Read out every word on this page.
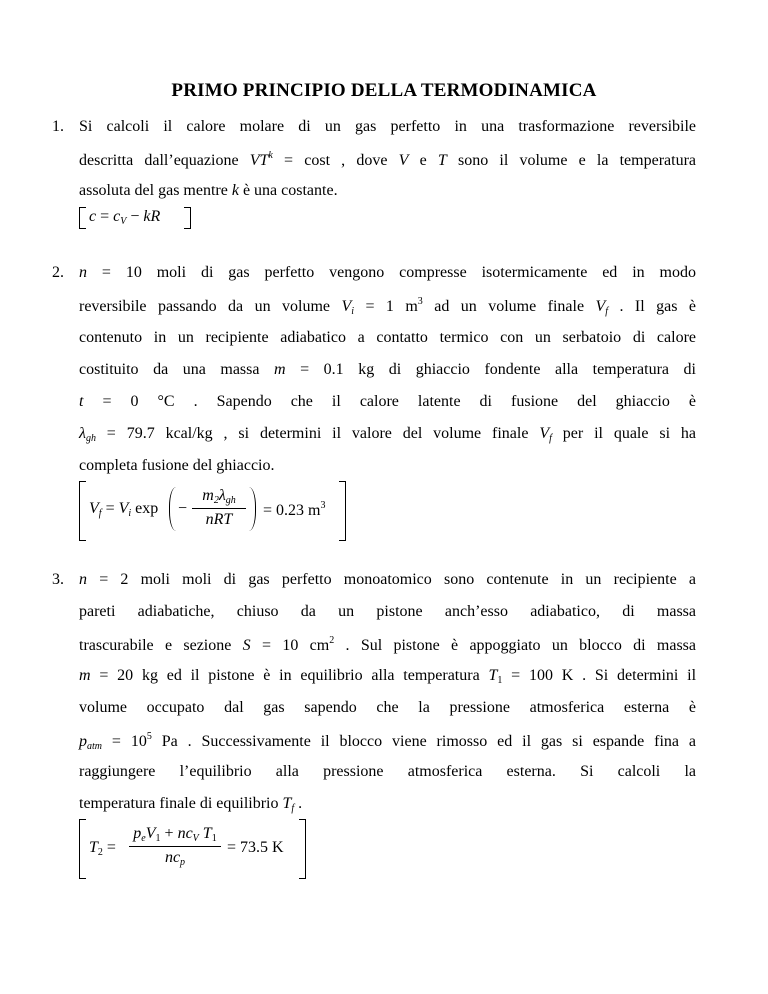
PRIMO PRINCIPIO DELLA TERMODINAMICA
1. Si calcoli il calore molare di un gas perfetto in una trasformazione reversibile
descritta dall’equazione $VT^k = \cos t$ , dove V e T sono il volume e la temperatura
assoluta del gas mentre k è una costante.
$c = c_V$ − kR
2. n = 10 moli di gas perfetto vengono compresse isotermicamente ed in modo
reversibile passando da un volume $V_i = 1$ $m^3$ ad un volume finale $V_f$ . Il gas è
contenuto in un recipiente adiabatico a contatto termico con un serbatoio di calore
costituito da una massa m = 0.1 kg di ghiaccio fondente alla temperatura di
t = 0 °C . Sapendo che il calore latente di fusione del ghiaccio è
$\lambda_{gh} = 79.7$ kcal/kg , si determini il valore del volume finale $V_f$ per il quale si ha
completa fusione del ghiaccio.
$V_f = V_i$ exp −
$m_2\lambda_{gh}$
nRT
= 0.23 $m^3$
3. n = 2 moli moli di gas perfetto monoatomico sono contenute in un recipiente a
pareti adiabatiche, chiuso da un pistone anch’esso adiabatico, di massa
trascurabile e sezione S = 10 $cm^2$ . Sul pistone è appoggiato un blocco di massa
m = 20 kg ed il pistone è in equilibrio alla temperatura $T_1 = 100$ K . Si determini il
volume occupato dal gas sapendo che la pressione atmosferica esterna è
$p_{atm} = 10^5$ Pa . Successivamente il blocco viene rimosso ed il gas si espande fina a
raggiungere l’equilibrio alla pressione atmosferica esterna. Si calcoli la
temperatura finale di equilibrio $T_f$ .
$T_2$ =
$p_eV_1 + nc_V$ $T_1$
$nc_p$
= 73.5 K
